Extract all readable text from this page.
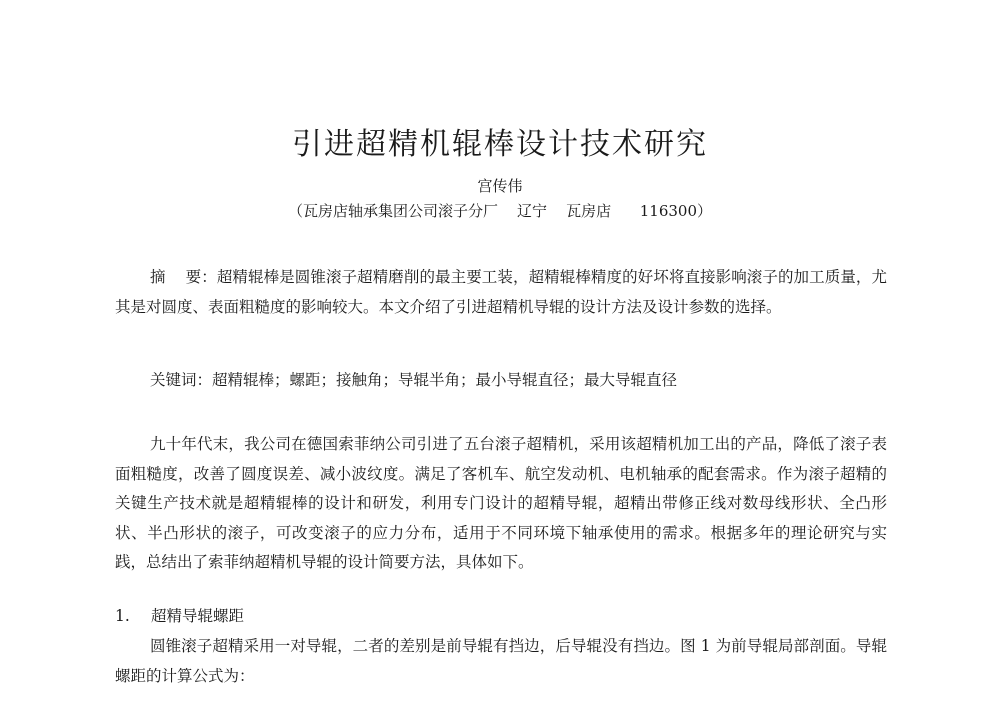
引进超精机辊棒设计技术研究
宫传伟
（瓦房店轴承集团公司滚子分厂    辽宁    瓦房店      116300）

摘    要：超精辊棒是圆锥滚子超精磨削的最主要工装，超精辊棒精度的好坏将直接影响滚子的加工质量，尤其是对圆度、表面粗糙度的影响较大。本文介绍了引进超精机导辊的设计方法及设计参数的选择。

关键词：超精辊棒；螺距；接触角；导辊半角；最小导辊直径；最大导辊直径

九十年代末，我公司在德国索菲纳公司引进了五台滚子超精机，采用该超精机加工出的产品，降低了滚子表面粗糙度，改善了圆度误差、减小波纹度。满足了客机车、航空发动机、电机轴承的配套需求。作为滚子超精的关键生产技术就是超精辊棒的设计和研发，利用专门设计的超精导辊，超精出带修正线对数母线形状、全凸形状、半凸形状的滚子，可改变滚子的应力分布，适用于不同环境下轴承使用的需求。根据多年的理论研究与实践，总结出了索菲纳超精机导辊的设计简要方法，具体如下。

1. 超精导辊螺距

圆锥滚子超精采用一对导辊，二者的差别是前导辊有挡边，后导辊没有挡边。图 1 为前导辊局部剖面。导辊螺距的计算公式为：
